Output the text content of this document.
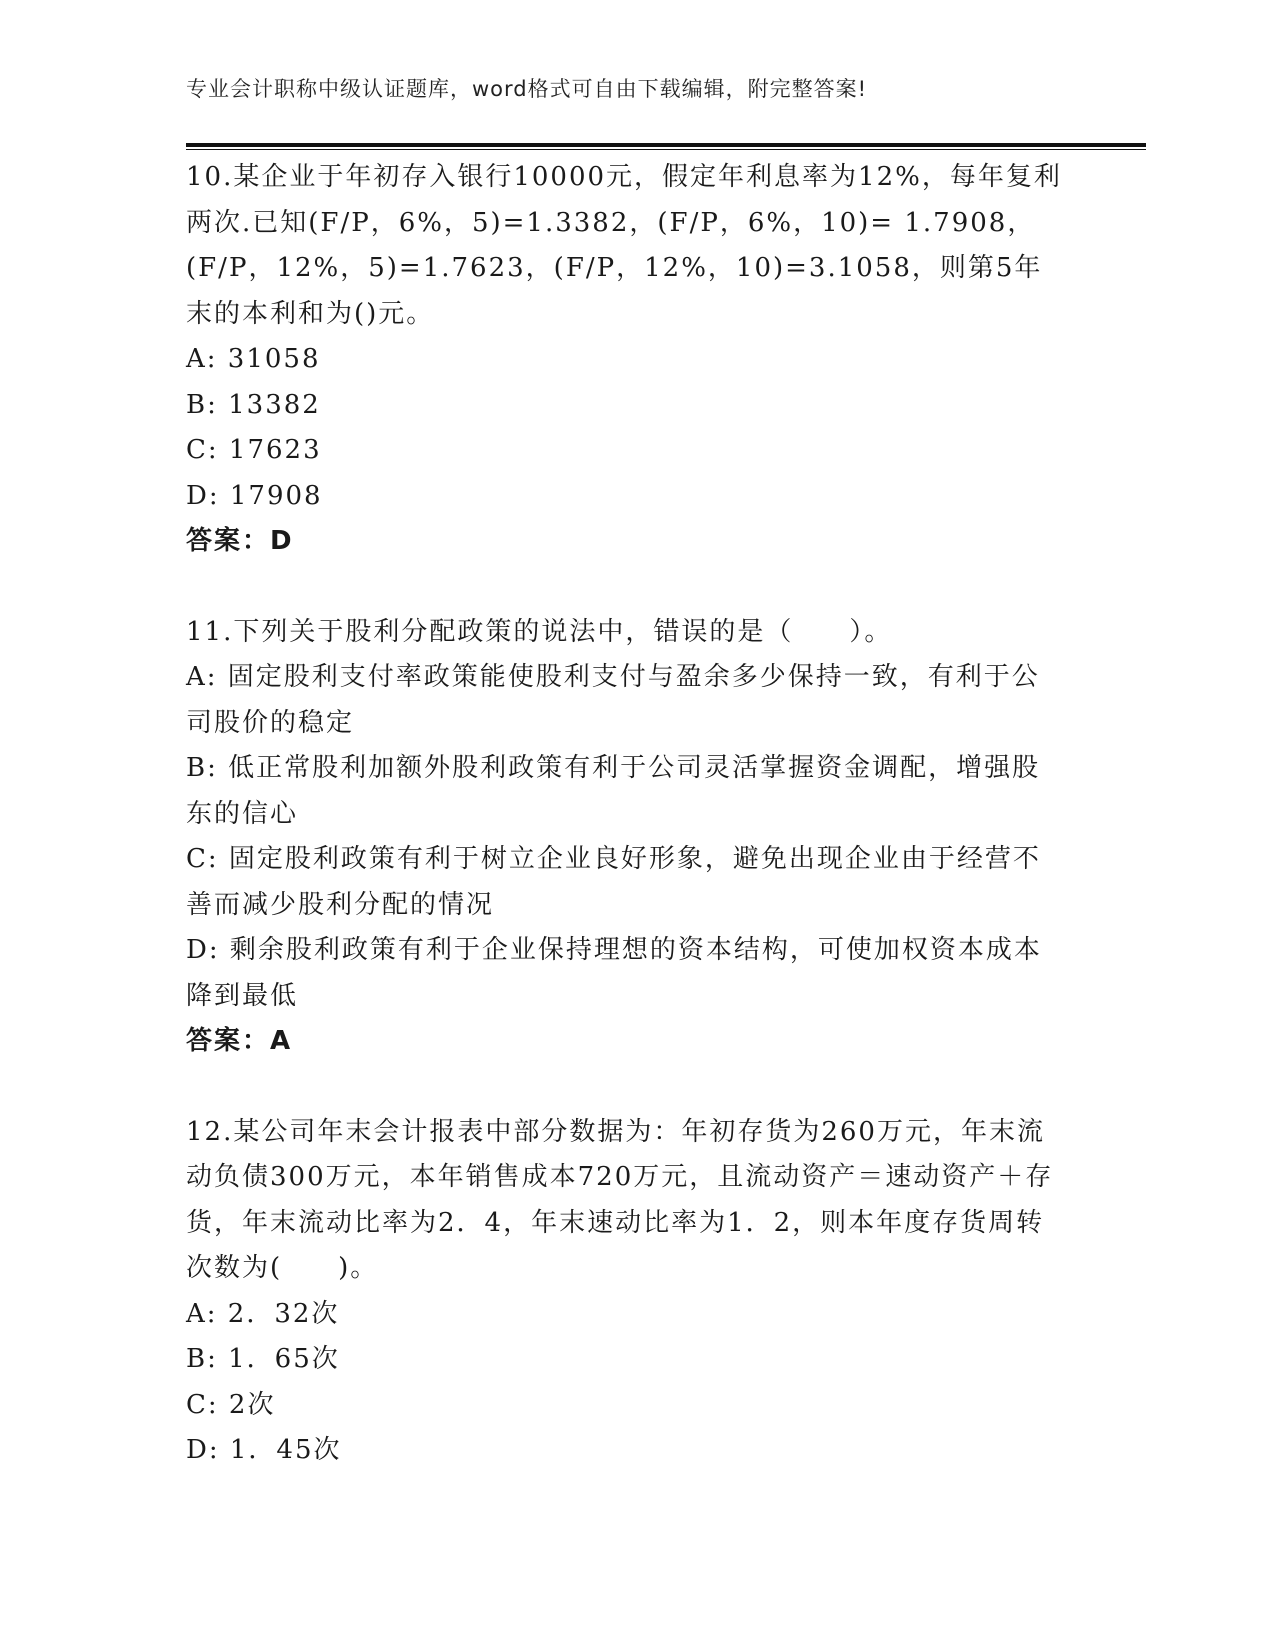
专业会计职称中级认证题库，word格式可自由下载编辑，附完整答案!

10.某企业于年初存入银行10000元，假定年利息率为12%，每年复利两次.已知(F/P，6%，5)=1.3382，(F/P，6%，10)= 1.7908，(F/P，12%，5)=1.7623，(F/P，12%，10)=3.1058，则第5年末的本利和为()元。

A: 31058

B: 13382

C: 17623

D: 17908

答案：D

11.下列关于股利分配政策的说法中，错误的是（　　）。

A: 固定股利支付率政策能使股利支付与盈余多少保持一致，有利于公司股价的稳定

B: 低正常股利加额外股利政策有利于公司灵活掌握资金调配，增强股东的信心

C: 固定股利政策有利于树立企业良好形象，避免出现企业由于经营不善而减少股利分配的情况

D: 剩余股利政策有利于企业保持理想的资本结构，可使加权资本成本降到最低

答案：A

12.某公司年末会计报表中部分数据为：年初存货为260万元，年末流动负债300万元，本年销售成本720万元，且流动资产＝速动资产＋存货，年末流动比率为2．4，年末速动比率为1．2，则本年度存货周转次数为(　　)。

A: 2．32次

B: 1．65次

C: 2次

D: 1．45次
